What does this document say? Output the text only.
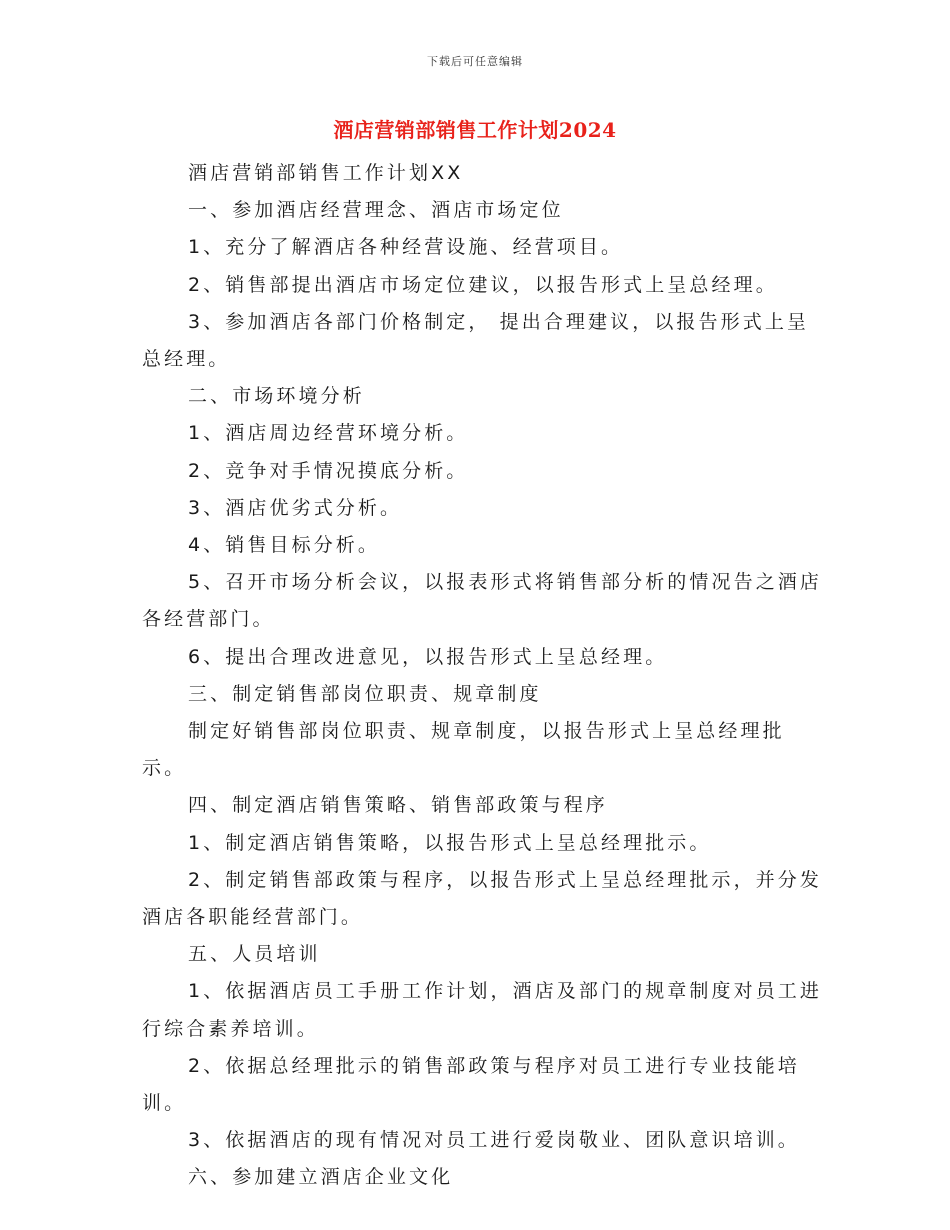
下载后可任意编辑
酒店营销部销售工作计划2024

酒店营销部销售工作计划XX

一、参加酒店经营理念、酒店市场定位

1、充分了解酒店各种经营设施、经营项目。

2、销售部提出酒店市场定位建议，以报告形式上呈总经理。

3、参加酒店各部门价格制定， 提出合理建议，以报告形式上呈总经理。

二、市场环境分析

1、酒店周边经营环境分析。

2、竞争对手情况摸底分析。

3、酒店优劣式分析。

4、销售目标分析。

5、召开市场分析会议，以报表形式将销售部分析的情况告之酒店各经营部门。

6、提出合理改进意见，以报告形式上呈总经理。

三、制定销售部岗位职责、规章制度

制定好销售部岗位职责、规章制度，以报告形式上呈总经理批示。

四、制定酒店销售策略、销售部政策与程序

1、制定酒店销售策略，以报告形式上呈总经理批示。

2、制定销售部政策与程序，以报告形式上呈总经理批示，并分发酒店各职能经营部门。

五、人员培训

1、依据酒店员工手册工作计划，酒店及部门的规章制度对员工进行综合素养培训。

2、依据总经理批示的销售部政策与程序对员工进行专业技能培训。

3、依据酒店的现有情况对员工进行爱岗敬业、团队意识培训。

六、参加建立酒店企业文化
